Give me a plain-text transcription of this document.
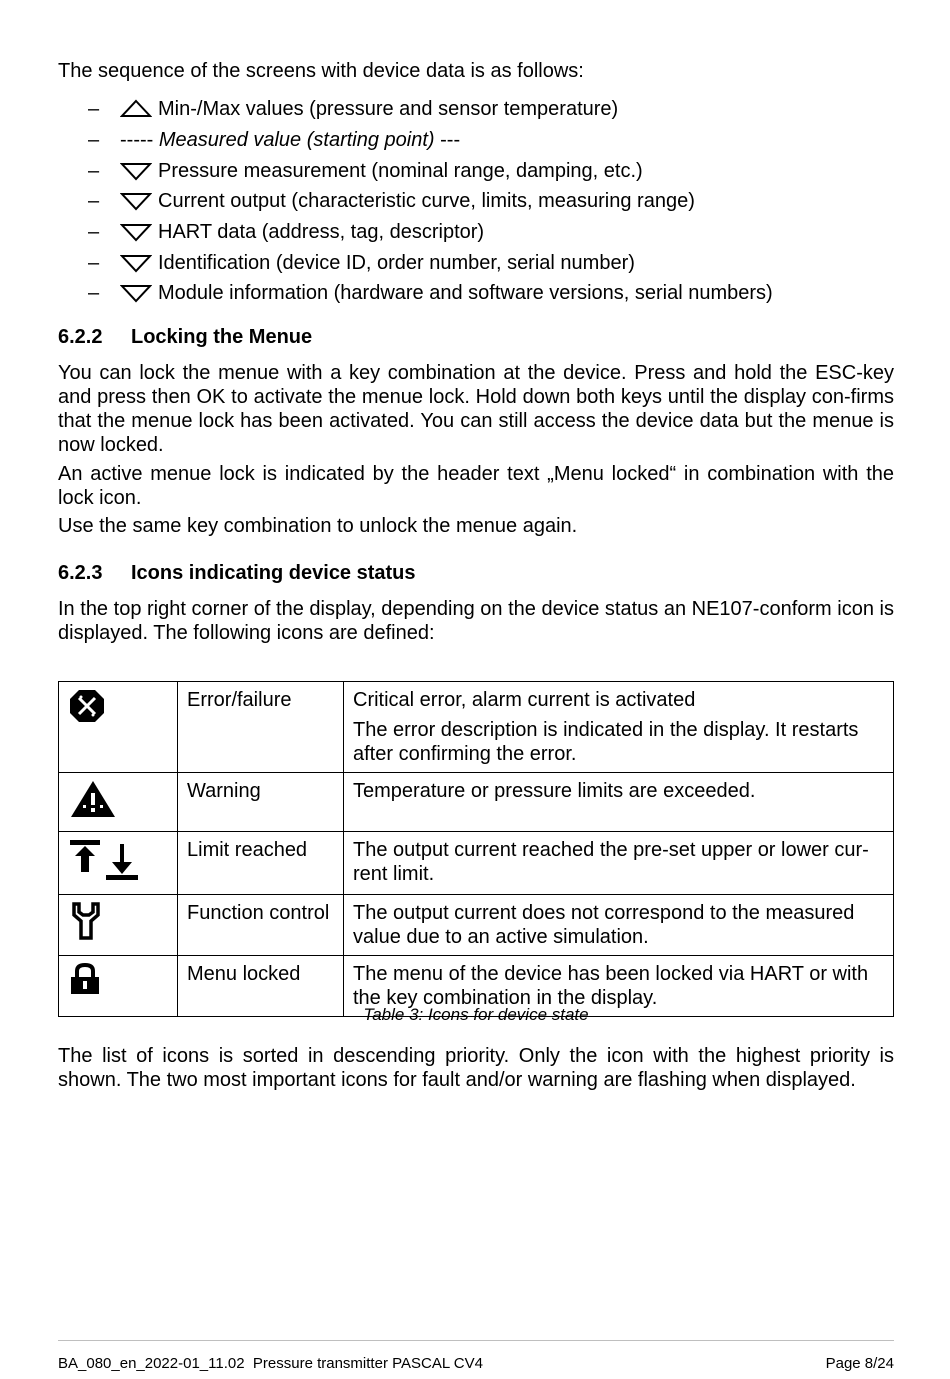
The sequence of the screens with device data is as follows:
–	Min-/Max values (pressure and sensor temperature)
–	-----
Measured value (starting point)
---
–	Pressure measurement (nominal range, damping, etc.)
–	Current output (characteristic curve, limits, measuring range)
–	HART data (address, tag, descriptor)
–	Identification (device ID, order number, serial number)
–	Module information (hardware and software versions, serial numbers)
6.2.2 Locking the Menue

You can lock the menue with a key combination at the device. Press and hold the ESC-key and press then OK to activate the menue lock. Hold down both keys until the display con-firms that the menue lock has been activated. You can still access the device data but the menue is now locked.

An active menue lock is indicated by the header text „Menu locked“ in combination with the lock icon.

Use the same key combination to unlock the menue again.

6.2.3 Icons indicating device status

In the top right corner of the display, depending on the device status an NE107-conform icon is displayed. The following icons are defined:

	Error/failure	Critical error, alarm current is activated

The error description is indicated in the display. It restarts after confirming the error.

	Warning	Temperature or pressure limits are exceeded.

	Limit reached	The output current reached the pre-set upper or lower cur-rent limit.

	Function control	The output current does not correspond to the measured value due to an active simulation.

	Menu locked	The menu of the device has been locked via HART or with the key combination in the display.

Table 3: Icons for device state

The list of icons is sorted in descending priority. Only the icon with the highest priority is shown. The two most important icons for fault and/or warning are flashing when displayed.

BA_080_en_2022-01_11.02  Pressure transmitter PASCAL CV4	Page 8/24
